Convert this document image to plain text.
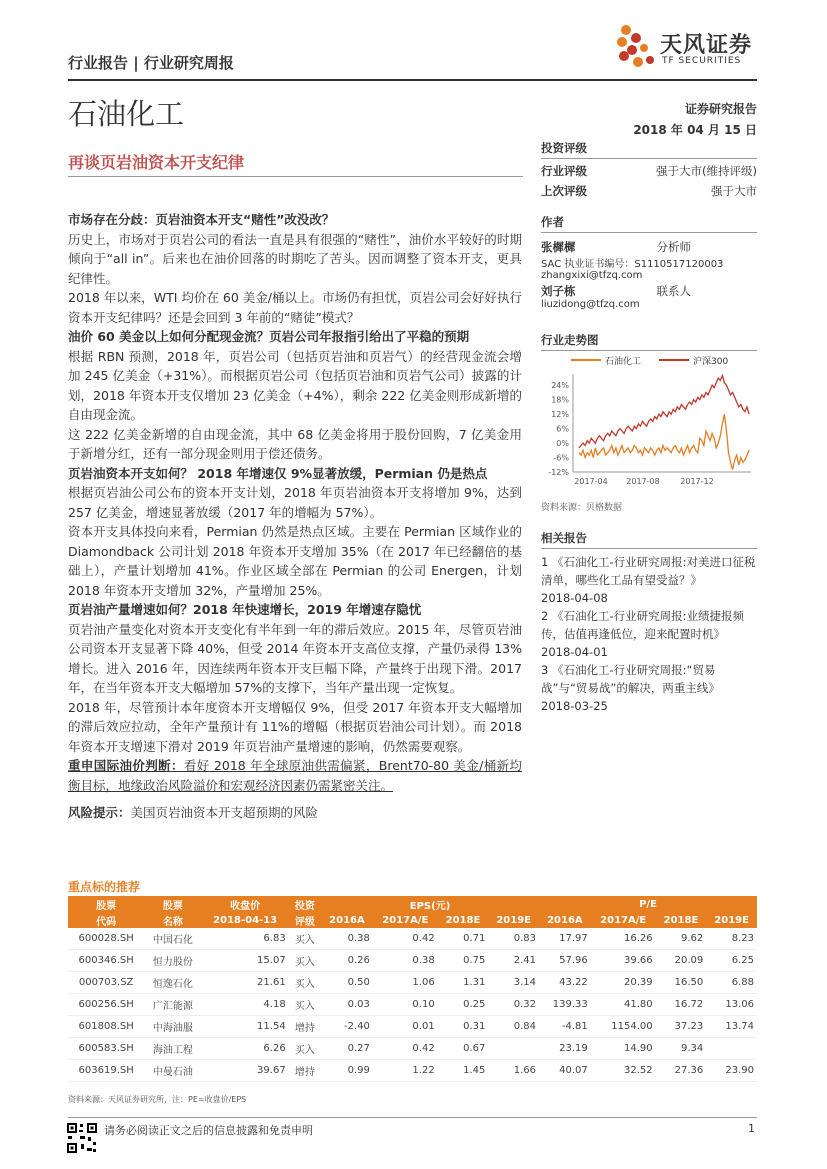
行业报告 | 行业研究周报
天风证券
TF SECURITIES
石油化工
再谈页岩油资本开支纪律
证券研究报告
2018 年 04 月 15 日
投资评级
行业评级	强于大市(维持评级)
上次评级	强于大市
作者
张樨樨	分析师
SAC 执业证书编号：S1110517120003
zhangxixi@tfzq.com
刘子栋	联系人
liuzidong@tfzq.com
行业走势图
石油化工	沪深300
24%
18%
12%
6%
0%
-6%
-12%
2017-04 2017-08	2017-12
资料来源：贝格数据
相关报告
1 《石油化工-行业研究周报:对美进口征税清单，哪些化工品有望受益？》
2018-04-08
2 《石油化工-行业研究周报:业绩捷报频传，估值再逢低位，迎来配置时机》
2018-04-01
3 《石油化工-行业研究周报:“贸易战”与“贸易战”的解决，两重主线》
2018-03-25

市场存在分歧：页岩油资本开支“赌性”改没改？

历史上，市场对于页岩公司的看法一直是具有很强的“赌性”，油价水平较好的时期倾向于“all in”。后来也在油价回落的时期吃了苦头。因而调整了资本开支，更具纪律性。

2018 年以来，WTI 均价在 60 美金/桶以上。市场仍有担忧，页岩公司会好好执行资本开支纪律吗？还是会回到 3 年前的“赌徒”模式？

油价 60 美金以上如何分配现金流？页岩公司年报指引给出了平稳的预期

根据 RBN 预测，2018 年，页岩公司（包括页岩油和页岩气）的经营现金流会增加 245 亿美金（+31%）。而根据页岩公司（包括页岩油和页岩气公司）披露的计划，2018 年资本开支仅增加 23 亿美金（+4%），剩余 222 亿美金则形成新增的自由现金流。

这 222 亿美金新增的自由现金流，其中 68 亿美金将用于股份回购，7 亿美金用于新增分红，还有一部分现金则用于偿还债务。

页岩油资本开支如何？ 2018 年增速仅 9%显著放缓，Permian 仍是热点

根据页岩油公司公布的资本开支计划，2018 年页岩油资本开支将增加 9%，达到 257 亿美金，增速显著放缓（2017 年的增幅为 57%）。

资本开支具体投向来看，Permian 仍然是热点区域。主要在 Permian 区域作业的 Diamondback 公司计划 2018 年资本开支增加 35%（在 2017 年已经翻倍的基础上），产量计划增加 41%。作业区域全部在 Permian 的公司 Energen，计划 2018 年资本开支增加 32%，产量增加 25%。

页岩油产量增速如何？2018 年快速增长，2019 年增速存隐忧

页岩油产量变化对资本开支变化有半年到一年的滞后效应。2015 年，尽管页岩油公司资本开支显著下降 40%，但受 2014 年资本开支高位支撑，产量仍录得 13%增长。进入 2016 年，因连续两年资本开支巨幅下降，产量终于出现下滑。2017 年，在当年资本开支大幅增加 57%的支撑下，当年产量出现一定恢复。

2018 年，尽管预计本年度资本开支增幅仅 9%，但受 2017 年资本开支大幅增加的滞后效应拉动，全年产量预计有 11%的增幅（根据页岩油公司计划）。而 2018 年资本开支增速下滑对 2019 年页岩油产量增速的影响，仍然需要观察。

重申国际油价判断：看好 2018 年全球原油供需偏紧，Brent70-80 美金/桶新均衡目标，地缘政治风险溢价和宏观经济因素仍需紧密关注。

风险提示：美国页岩油资本开支超预期的风险

重点标的推荐
股票	股票	收盘价	投资	EPS(元)				P/E			
代码	名称	2018-04-13	评级	2016A	2017A/E	2018E	2019E	2016A	2017A/E	2018E	2019E
600028.SH	中国石化	6.83	买入	0.38	0.42	0.71	0.83	17.97	16.26	9.62	8.23
600346.SH	恒力股份	15.07	买入	0.26	0.38	0.75	2.41	57.96	39.66	20.09	6.25
000703.SZ	恒逸石化	21.61	买入	0.50	1.06	1.31	3.14	43.22	20.39	16.50	6.88
600256.SH	广汇能源	4.18	买入	0.03	0.10	0.25	0.32	139.33	41.80	16.72	13.06
601808.SH	中海油服	11.54	增持	-2.40	0.01	0.31	0.84	-4.81	1154.00	37.23	13.74
600583.SH	海油工程	6.26	买入	0.27	0.42	0.67		23.19	14.90	9.34	
603619.SH	中曼石油	39.67	增持	0.99	1.22	1.45	1.66	40.07	32.52	27.36	23.90
资料来源：天风证券研究所，注：PE=收盘价/EPS
请务必阅读正文之后的信息披露和免责申明	1
